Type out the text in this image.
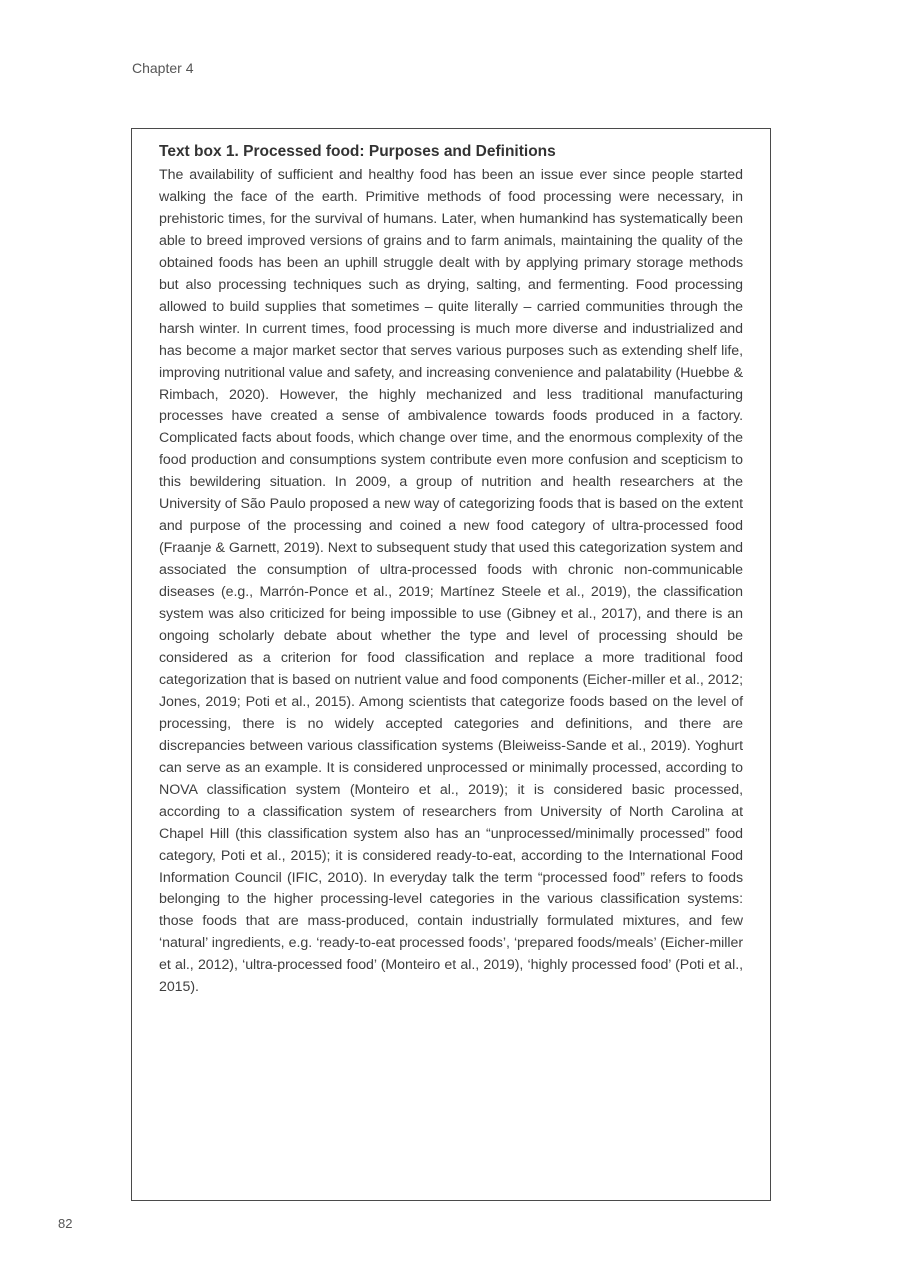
Chapter 4
Text box 1. Processed food: Purposes and Definitions

The availability of sufficient and healthy food has been an issue ever since people started walking the face of the earth. Primitive methods of food processing were necessary, in prehistoric times, for the survival of humans. Later, when humankind has systematically been able to breed improved versions of grains and to farm animals, maintaining the quality of the obtained foods has been an uphill struggle dealt with by applying primary storage methods but also processing techniques such as drying, salting, and fermenting. Food processing allowed to build supplies that sometimes – quite literally – carried communities through the harsh winter. In current times, food processing is much more diverse and industrialized and has become a major market sector that serves various purposes such as extending shelf life, improving nutritional value and safety, and increasing convenience and palatability (Huebbe & Rimbach, 2020). However, the highly mechanized and less traditional manufacturing processes have created a sense of ambivalence towards foods produced in a factory. Complicated facts about foods, which change over time, and the enormous complexity of the food production and consumptions system contribute even more confusion and scepticism to this bewildering situation. In 2009, a group of nutrition and health researchers at the University of São Paulo proposed a new way of categorizing foods that is based on the extent and purpose of the processing and coined a new food category of ultra-processed food (Fraanje & Garnett, 2019). Next to subsequent study that used this categorization system and associated the consumption of ultra-processed foods with chronic non-communicable diseases (e.g., Marrón-Ponce et al., 2019; Martínez Steele et al., 2019), the classification system was also criticized for being impossible to use (Gibney et al., 2017), and there is an ongoing scholarly debate about whether the type and level of processing should be considered as a criterion for food classification and replace a more traditional food categorization that is based on nutrient value and food components (Eicher-miller et al., 2012; Jones, 2019; Poti et al., 2015). Among scientists that categorize foods based on the level of processing, there is no widely accepted categories and definitions, and there are discrepancies between various classification systems (Bleiweiss-Sande et al., 2019). Yoghurt can serve as an example. It is considered unprocessed or minimally processed, according to NOVA classification system (Monteiro et al., 2019); it is considered basic processed, according to a classification system of researchers from University of North Carolina at Chapel Hill (this classification system also has an “unprocessed/minimally processed” food category, Poti et al., 2015); it is considered ready-to-eat, according to the International Food Information Council (IFIC, 2010). In everyday talk the term “processed food” refers to foods belonging to the higher processing-level categories in the various classification systems: those foods that are mass-produced, contain industrially formulated mixtures, and few ‘natural’ ingredients, e.g. ‘ready-to-eat processed foods’, ‘prepared foods/meals’ (Eicher-miller et al., 2012), ‘ultra-processed food’ (Monteiro et al., 2019), ‘highly processed food’ (Poti et al., 2015).

82
